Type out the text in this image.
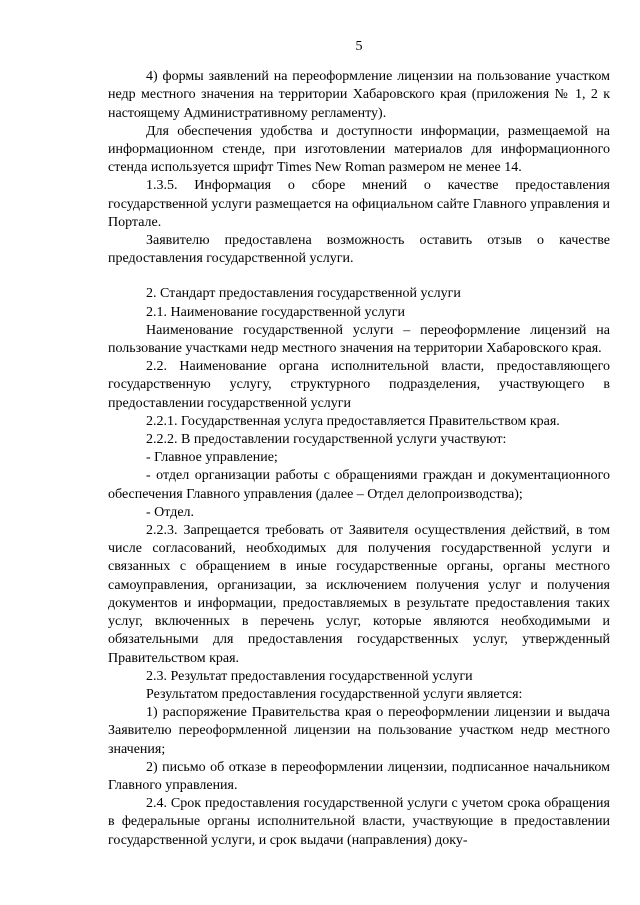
5

4) формы заявлений на переоформление лицензии на пользование участком недр местного значения на территории Хабаровского края (приложения № 1, 2 к настоящему Административному регламенту).

Для обеспечения удобства и доступности информации, размещаемой на информационном стенде, при изготовлении материалов для информационного стенда используется шрифт Times New Roman размером не менее 14.

1.3.5. Информация о сборе мнений о качестве предоставления государственной услуги размещается на официальном сайте Главного управления и Портале.

Заявителю предоставлена возможность оставить отзыв о качестве предоставления государственной услуги.

2. Стандарт предоставления государственной услуги

2.1. Наименование государственной услуги

Наименование государственной услуги – переоформление лицензий на пользование участками недр местного значения на территории Хабаровского края.

2.2. Наименование органа исполнительной власти, предоставляющего государственную услугу, структурного подразделения, участвующего в предоставлении государственной услуги

2.2.1. Государственная услуга предоставляется Правительством края.

2.2.2. В предоставлении государственной услуги участвуют:

- Главное управление;

- отдел организации работы с обращениями граждан и документационного обеспечения Главного управления (далее – Отдел делопроизводства);

- Отдел.

2.2.3. Запрещается требовать от Заявителя осуществления действий, в том числе согласований, необходимых для получения государственной услуги и связанных с обращением в иные государственные органы, органы местного самоуправления, организации, за исключением получения услуг и получения документов и информации, предоставляемых в результате предоставления таких услуг, включенных в перечень услуг, которые являются необходимыми и обязательными для предоставления государственных услуг, утвержденный Правительством края.

2.3. Результат предоставления государственной услуги

Результатом предоставления государственной услуги является:

1) распоряжение Правительства края о переоформлении лицензии и выдача Заявителю переоформленной лицензии на пользование участком недр местного значения;

2) письмо об отказе в переоформлении лицензии, подписанное начальником Главного управления.

2.4. Срок предоставления государственной услуги с учетом срока обращения в федеральные органы исполнительной власти, участвующие в предоставлении государственной услуги, и срок выдачи (направления) доку-
